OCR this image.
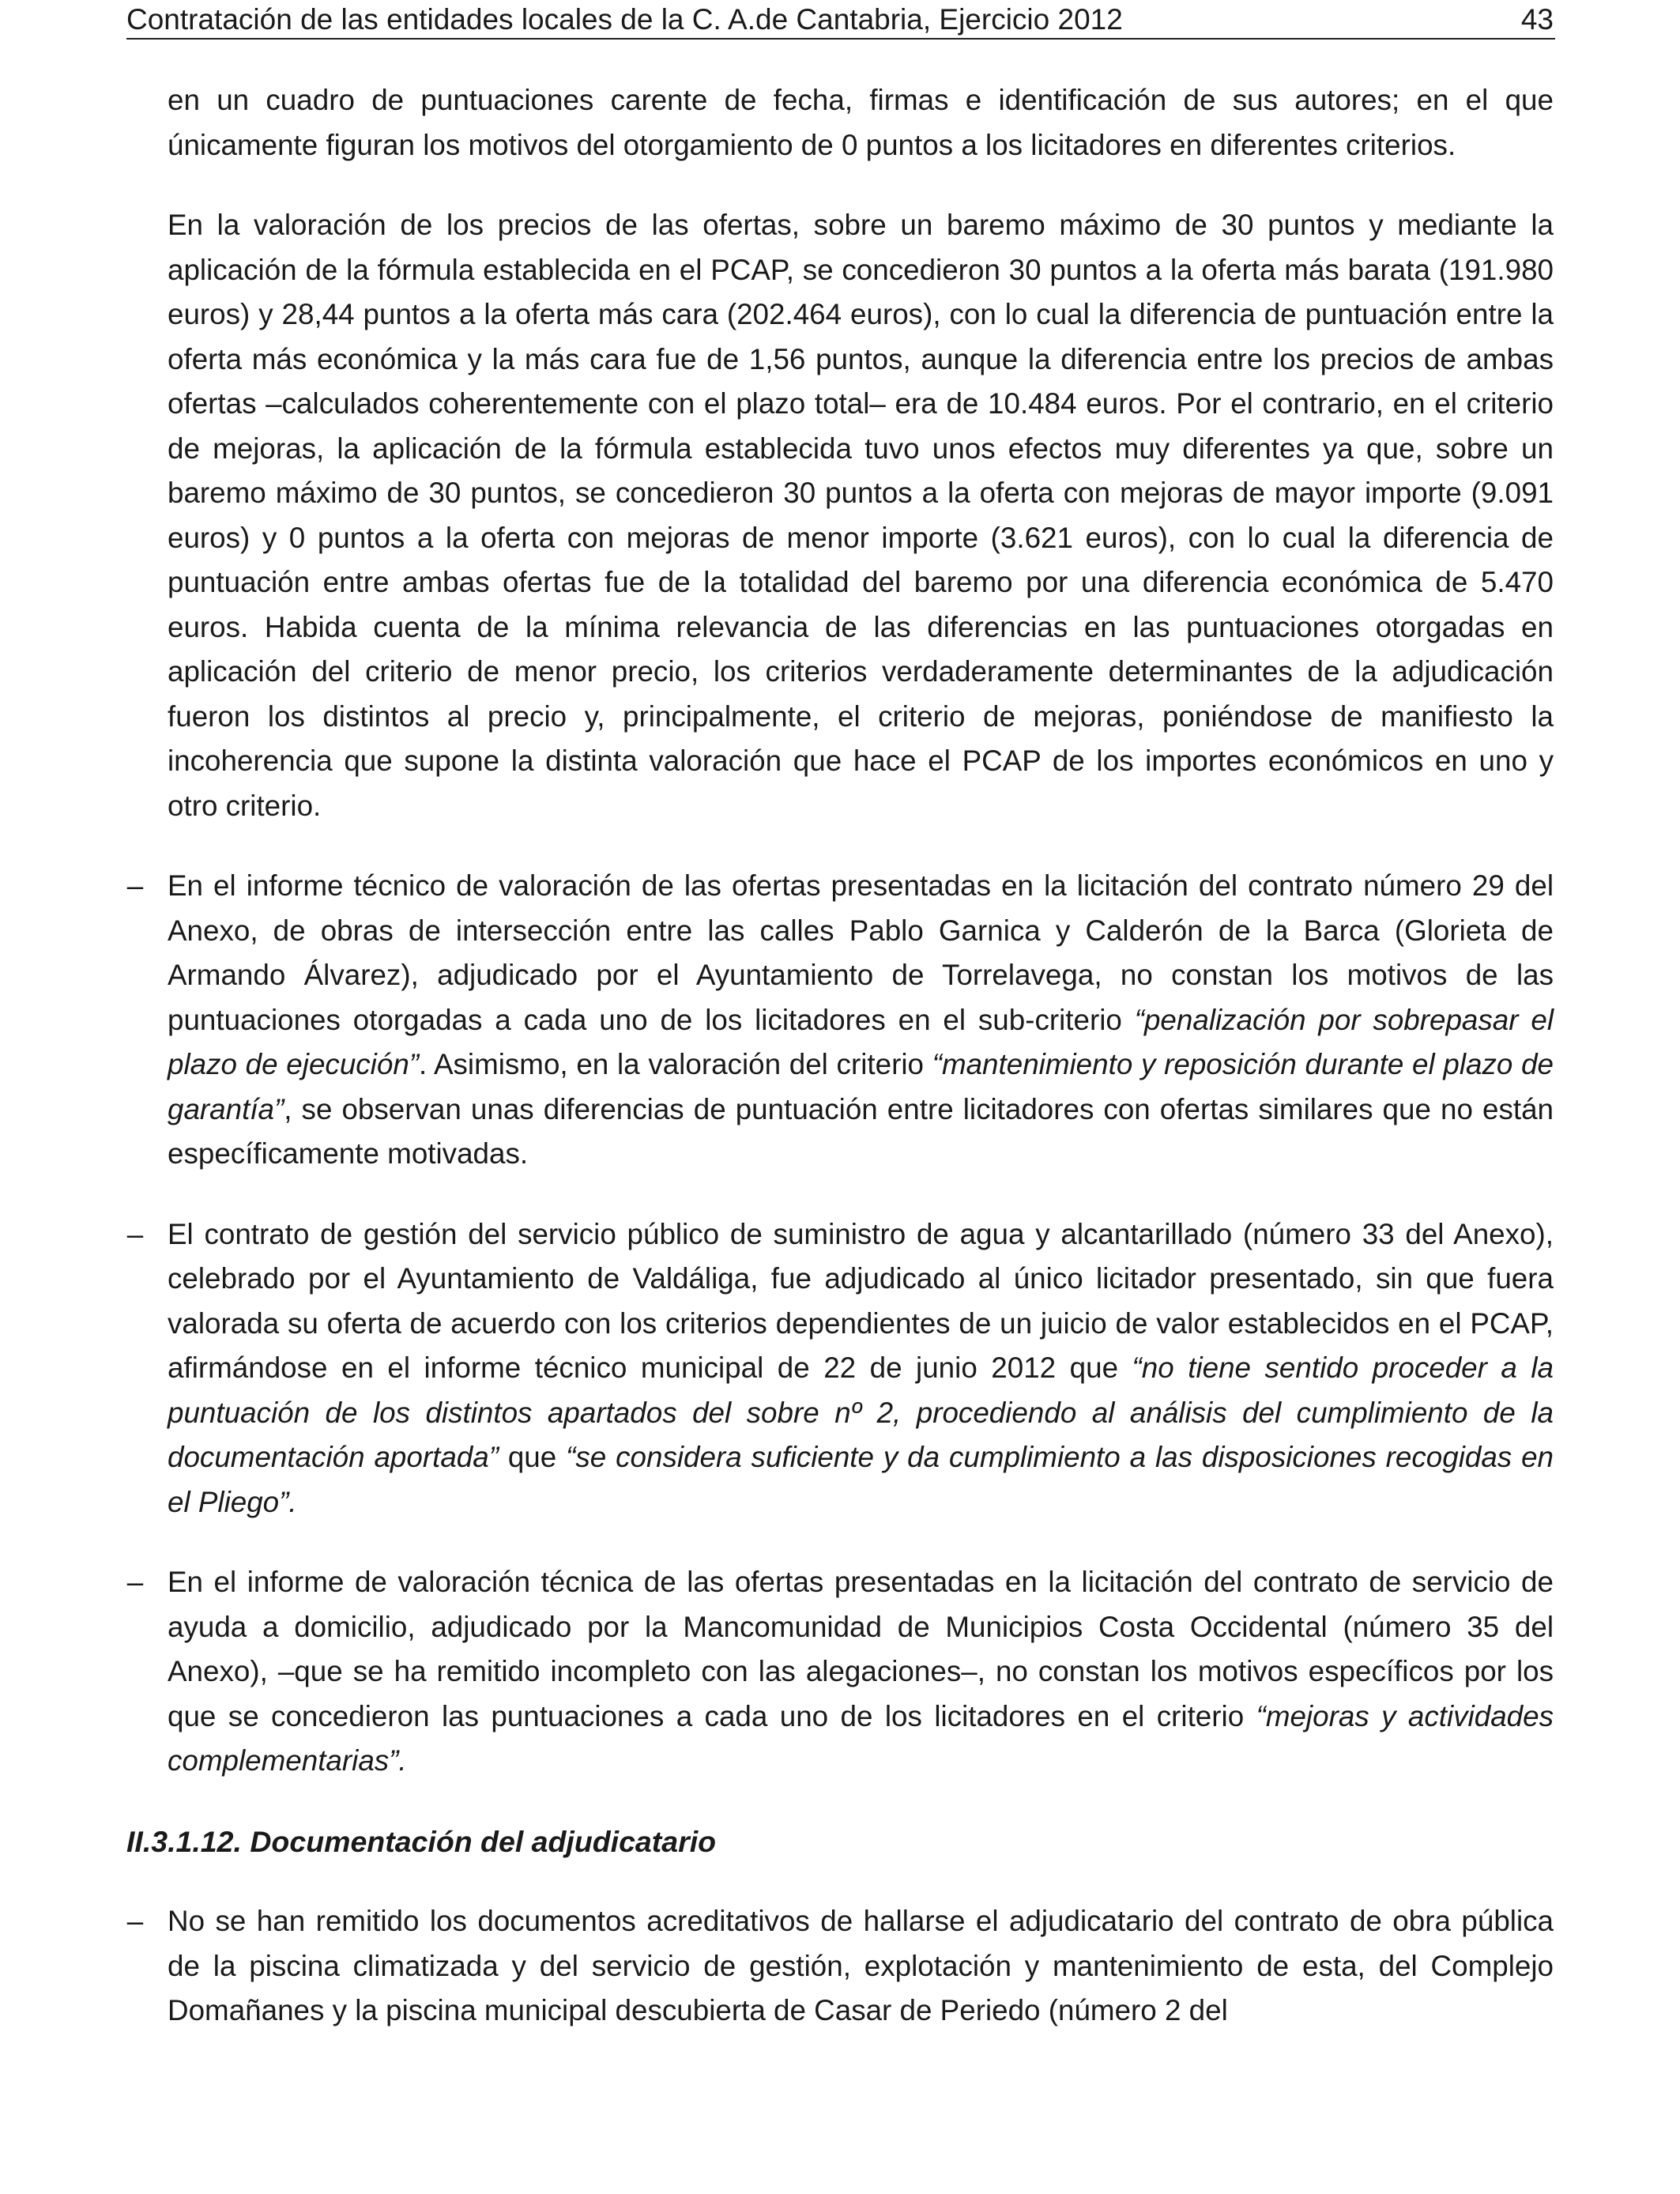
Contratación de las entidades locales de la C. A.de Cantabria, Ejercicio 2012	43

en un cuadro de puntuaciones carente de fecha, firmas e identificación de sus autores; en el que únicamente figuran los motivos del otorgamiento de 0 puntos a los licitadores en diferentes criterios.

En la valoración de los precios de las ofertas, sobre un baremo máximo de 30 puntos y mediante la aplicación de la fórmula establecida en el PCAP, se concedieron 30 puntos a la oferta más barata (191.980 euros) y 28,44 puntos a la oferta más cara (202.464 euros), con lo cual la diferencia de puntuación entre la oferta más económica y la más cara fue de 1,56 puntos, aunque la diferencia entre los precios de ambas ofertas –calculados coherentemente con el plazo total– era de 10.484 euros. Por el contrario, en el criterio de mejoras, la aplicación de la fórmula establecida tuvo unos efectos muy diferentes ya que, sobre un baremo máximo de 30 puntos, se concedieron 30 puntos a la oferta con mejoras de mayor importe (9.091 euros) y 0 puntos a la oferta con mejoras de menor importe (3.621 euros), con lo cual la diferencia de puntuación entre ambas ofertas fue de la totalidad del baremo por una diferencia económica de 5.470 euros. Habida cuenta de la mínima relevancia de las diferencias en las puntuaciones otorgadas en aplicación del criterio de menor precio, los criterios verdaderamente determinantes de la adjudicación fueron los distintos al precio y, principalmente, el criterio de mejoras, poniéndose de manifiesto la incoherencia que supone la distinta valoración que hace el PCAP de los importes económicos en uno y otro criterio.

– En el informe técnico de valoración de las ofertas presentadas en la licitación del contrato número 29 del Anexo, de obras de intersección entre las calles Pablo Garnica y Calderón de la Barca (Glorieta de Armando Álvarez), adjudicado por el Ayuntamiento de Torrelavega, no constan los motivos de las puntuaciones otorgadas a cada uno de los licitadores en el sub-criterio “penalización por sobrepasar el plazo de ejecución”. Asimismo, en la valoración del criterio “mantenimiento y reposición durante el plazo de garantía”, se observan unas diferencias de puntuación entre licitadores con ofertas similares que no están específicamente motivadas.

– El contrato de gestión del servicio público de suministro de agua y alcantarillado (número 33 del Anexo), celebrado por el Ayuntamiento de Valdáliga, fue adjudicado al único licitador presentado, sin que fuera valorada su oferta de acuerdo con los criterios dependientes de un juicio de valor establecidos en el PCAP, afirmándose en el informe técnico municipal de 22 de junio 2012 que “no tiene sentido proceder a la puntuación de los distintos apartados del sobre nº 2, procediendo al análisis del cumplimiento de la documentación aportada” que “se considera suficiente y da cumplimiento a las disposiciones recogidas en el Pliego”.

– En el informe de valoración técnica de las ofertas presentadas en la licitación del contrato de servicio de ayuda a domicilio, adjudicado por la Mancomunidad de Municipios Costa Occidental (número 35 del Anexo), –que se ha remitido incompleto con las alegaciones–, no constan los motivos específicos por los que se concedieron las puntuaciones a cada uno de los licitadores en el criterio “mejoras y actividades complementarias”.

II.3.1.12. Documentación del adjudicatario

– No se han remitido los documentos acreditativos de hallarse el adjudicatario del contrato de obra pública de la piscina climatizada y del servicio de gestión, explotación y mantenimiento de esta, del Complejo Domañanes y la piscina municipal descubierta de Casar de Periedo (número 2 del
